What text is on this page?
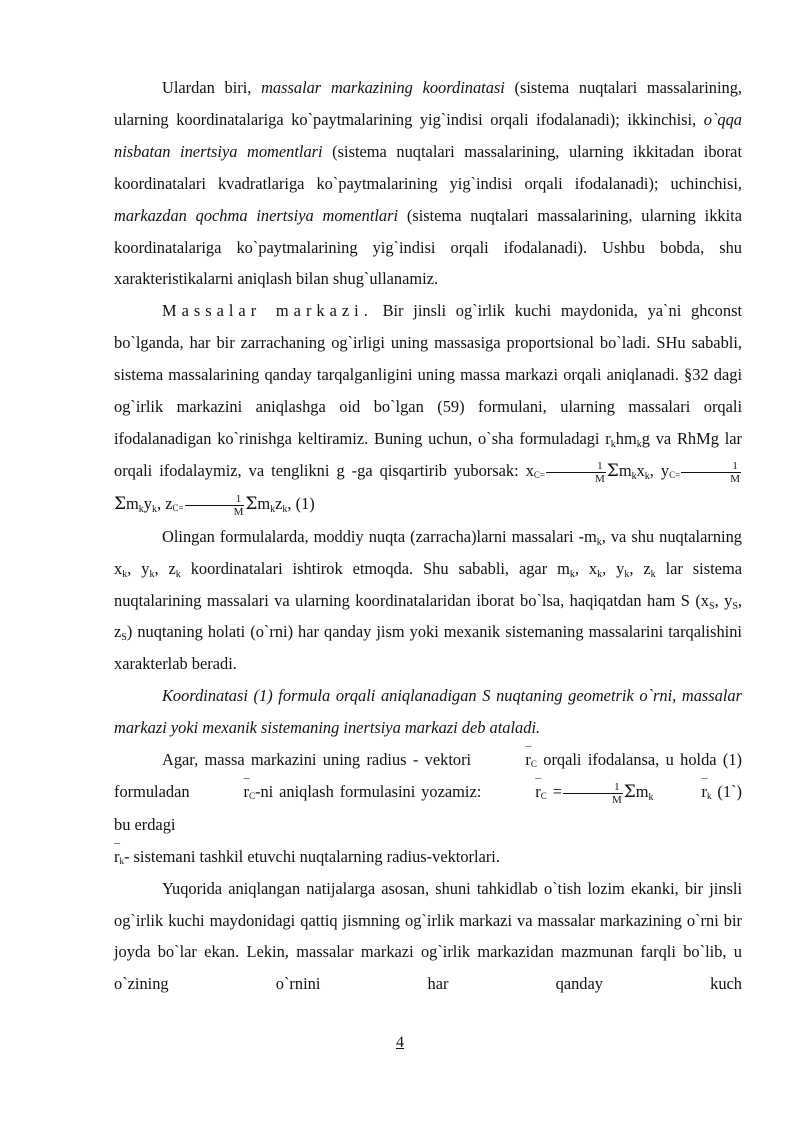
Ulardan biri, massalar markazining koordinatasi (sistema nuqtalari massalarining, ularning koordinatalariga ko`paytmalarining yig`indisi orqali ifodalanadi); ikkinchisi, o`qqa nisbatan inertsiya momentlari (sistema nuqtalari massalarining, ularning ikkitadan iborat koordinatalari kvadratlariga ko`paytmalarining yig`indisi orqali ifodalanadi); uchinchisi, markazdan qochma inertsiya momentlari (sistema nuqtalari massalarining, ularning ikkita koordinatalariga ko`paytmalarining yig`indisi orqali ifodalanadi). Ushbu bobda, shu xarakteristikalarni aniqlash bilan shug`ullanamiz.

Massalar markazi. Bir jinsli og`irlik kuchi maydonida, ya`ni ghconst bo`lganda, har bir zarrachaning og`irligi uning massasiga proportsional bo`ladi. SHu sababli, sistema massalarining qanday tarqalganligini uning massa markazi orqali aniqlanadi. §32 dagi og`irlik markazini aniqlashga oid bo`lgan (59) formulani, ularning massalari orqali ifodalanadigan ko`rinishga keltiramiz. Buning uchun, o`sha formuladagi $r_khm_kg$ va RhMg lar orqali ifodalaymiz, va tenglikni g -ga qisqartirib yuborsak: $x_{C=} \frac{1}{M} \Sigma m_kx_k$, $y_{C=} \frac{1}{M}$
$\Sigma m_ky_k$, $z_{C=} \frac{1}{M} \Sigma m_kz_k$, (1)

Olingan formulalarda, moddiy nuqta (zarracha)larni massalari $-m_k$, va shu nuqtalarning $x_k$, $y_k$, $z_k$ koordinatalari ishtirok etmoqda. Shu sababli, agar $m_k$, $x_k$, $y_k$, $z_k$ lar sistema nuqtalarining massalari va ularning koordinatalaridan iborat bo`lsa, haqiqatdan ham S ($x_S$, $y_S$, $z_S$) nuqtaning holati (o`rni) har qanday jism yoki mexanik sistemaning massalarini tarqalishini xarakterlab beradi.

Koordinatasi (1) formula orqali aniqlanadigan S nuqtaning geometrik o`rni, massalar markazi yoki mexanik sistemaning inertsiya markazi deb ataladi.

Agar, massa markazini uning radius - vektori ¯	$r_C$ orqali ifodalansa, u holda (1) formuladan ¯	$r_C-ni$ aniqlash formulasini yozamiz: ¯	$r_C = \frac{1}{M}$ $\Sigma m_k¯$	$r_k$ (1`) bu erdagi
¯ $r_k-$ sistemani tashkil etuvchi nuqtalarning radius-vektorlari.

Yuqorida aniqlangan natijalarga asosan, shuni tahkidlab o`tish lozim ekanki, bir jinsli og`irlik kuchi maydonidagi qattiq jismning og`irlik markazi va massalar markazining o`rni bir joyda bo`lar ekan. Lekin, massalar markazi og`irlik markazidan mazmunan farqli bo`lib, u o`zining o`rnini har qanday kuch

4
